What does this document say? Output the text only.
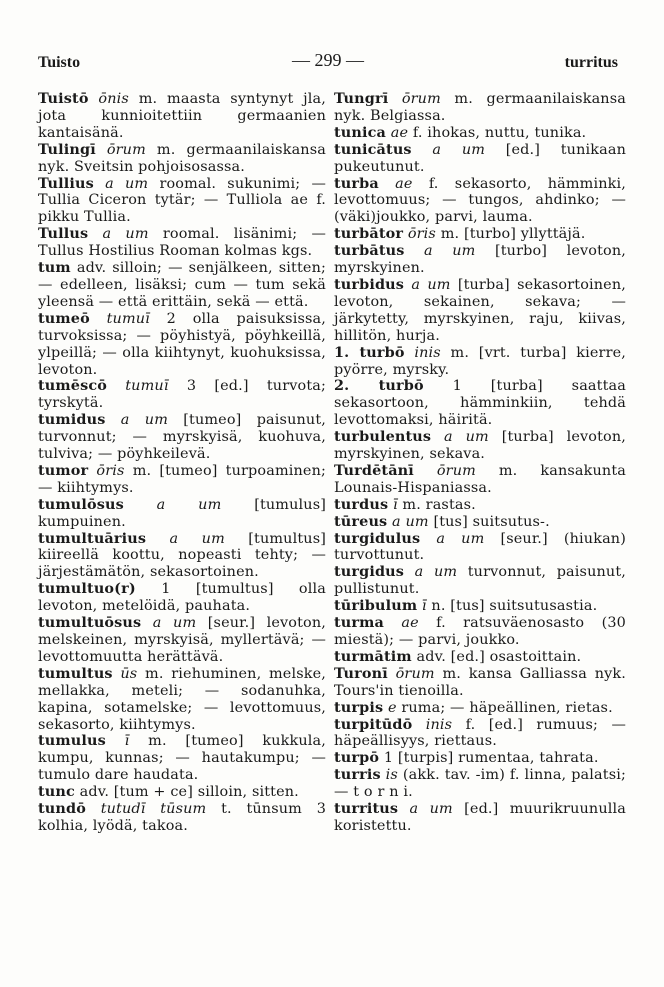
Tuisto	— 299 —	turritus

Tuistō ōnis m. maasta syntynyt jla, jota kunnioitettiin germaanien kantaisänä.

Tulingī ōrum m. germaanilaiskansa nyk. Sveitsin pohjoisosassa.

Tullius a um roomal. sukunimi; — Tullia Ciceron tytär; — Tulliola ae f. pikku Tullia.

Tullus a um roomal. lisänimi; — Tullus Hostilius Rooman kolmas kgs.

tum adv. silloin; — senjälkeen, sitten; — edelleen, lisäksi; cum — tum sekä yleensä — että erittäin, sekä — että.

tumeō tumuī 2 olla paisuksissa, turvoksissa; — pöyhistyä, pöyhkeillä, ylpeillä; — olla kiihtynyt, kuohuksissa, levoton.

tumēscō tumuī 3 [ed.] turvota; tyrskytä.

tumidus a um [tumeo] paisunut, turvonnut; — myrskyisä, kuohuva, tulviva; — pöyhkeilevä.

tumor ōris m. [tumeo] turpoaminen; — kiihtymys.

tumulōsus a um [tumulus] kumpuinen.

tumultuārius a um [tumultus] kiireellä koottu, nopeasti tehty; — järjestämätön, sekasortoinen.

tumultuo(r) 1 [tumultus] olla levoton, metelöidä, pauhata.

tumultuōsus a um [seur.] levoton, melskeinen, myrskyisä, myllertävä; — levottomuutta herättävä.

tumultus ūs m. riehuminen, melske, mellakka, meteli; — sodanuhka, kapina, sotamelske; — levottomuus, sekasorto, kiihtymys.

tumulus ī m. [tumeo] kukkula, kumpu, kunnas; — hautakumpu; — tumulo dare haudata.

tunc adv. [tum + ce] silloin, sitten.

tundō tutudī tūsum t. tūnsum 3 kolhia, lyödä, takoa.

Tungrī ōrum m. germaanilaiskansa nyk. Belgiassa.

tunica ae f. ihokas, nuttu, tunika.

tunicātus a um [ed.] tunikaan pukeutunut.

turba ae f. sekasorto, hämminki, levottomuus; — tungos, ahdinko; — (väki)joukko, parvi, lauma.

turbātor ōris m. [turbo] yllyttäjä.

turbātus a um [turbo] levoton, myrskyinen.

turbidus a um [turba] sekasortoinen, levoton, sekainen, sekava; — järkytetty, myrskyinen, raju, kiivas, hillitön, hurja.

1. turbō inis m. [vrt. turba] kierre, pyörre, myrsky.

2. turbō 1 [turba] saattaa sekasortoon, hämminkiin, tehdä levottomaksi, häiritä.

turbulentus a um [turba] levoton, myrskyinen, sekava.

Turdētānī ōrum m. kansakunta Lounais-Hispaniassa.

turdus ī m. rastas.

tūreus a um [tus] suitsutus-.

turgidulus a um [seur.] (hiukan) turvottunut.

turgidus a um turvonnut, paisunut, pullistunut.

tūribulum ī n. [tus] suitsutusastia.

turma ae f. ratsuväenosasto (30 miestä); — parvi, joukko.

turmātim adv. [ed.] osastoittain.

Turonī ōrum m. kansa Galliassa nyk. Tours'in tienoilla.

turpis e ruma; — häpeällinen, rietas.

turpitūdō inis f. [ed.] rumuus; — häpeällisyys, riettaus.

turpō 1 [turpis] rumentaa, tahrata.

turris is (akk. tav. -im) f. linna, palatsi; — t o r n i.

turritus a um [ed.] muurikruunulla koristettu.
